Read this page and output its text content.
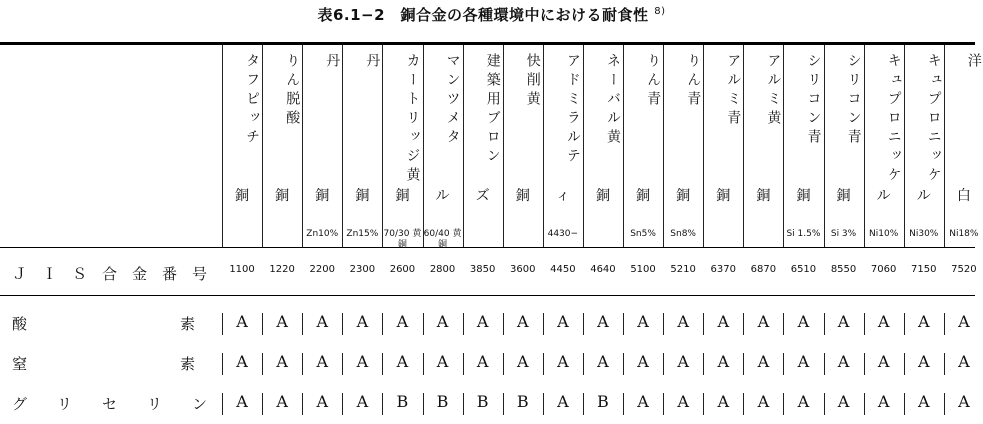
表6.1−2　銅合金の各種環境中における耐食性 $^{8)}$
Ｊ　Ｉ　Ｓ　合　金　番　号
酸	素
窒	素
グ　　リ　　セ　　リ　　ン
タフピッチ
銅
1100
A
A
A
りん脱酸
銅
1220
A
A
A
丹
銅
Zn10%
2200
A
A
A
丹
銅
Zn15%
2300
A
A
A
カートリッジ黄
銅
70/30 黄 銅
2600
A
A
B
マンツメタ
ル
60/40 黄 銅
2800
A
A
B
建築用ブロン
ズ
3850
A
A
B
快削黄
銅
3600
A
A
B
アドミラルテ
ィ
4430−
4450
A
A
A
ネーバル黄
銅
4640
A
A
B
りん青
銅
Sn5%
5100
A
A
A
りん青
銅
Sn8%
5210
A
A
A
アルミ青
銅
6370
A
A
A
アルミ黄
銅
6870
A
A
A
シリコン青
銅
Si 1.5%
6510
A
A
A
シリコン青
銅
Si 3%
8550
A
A
A
キュプロニッケ
ル
Ni10%
7060
A
A
A
キュプロニッケ
ル
Ni30%
7150
A
A
A
洋
白
Ni18%
7520
A
A
A
